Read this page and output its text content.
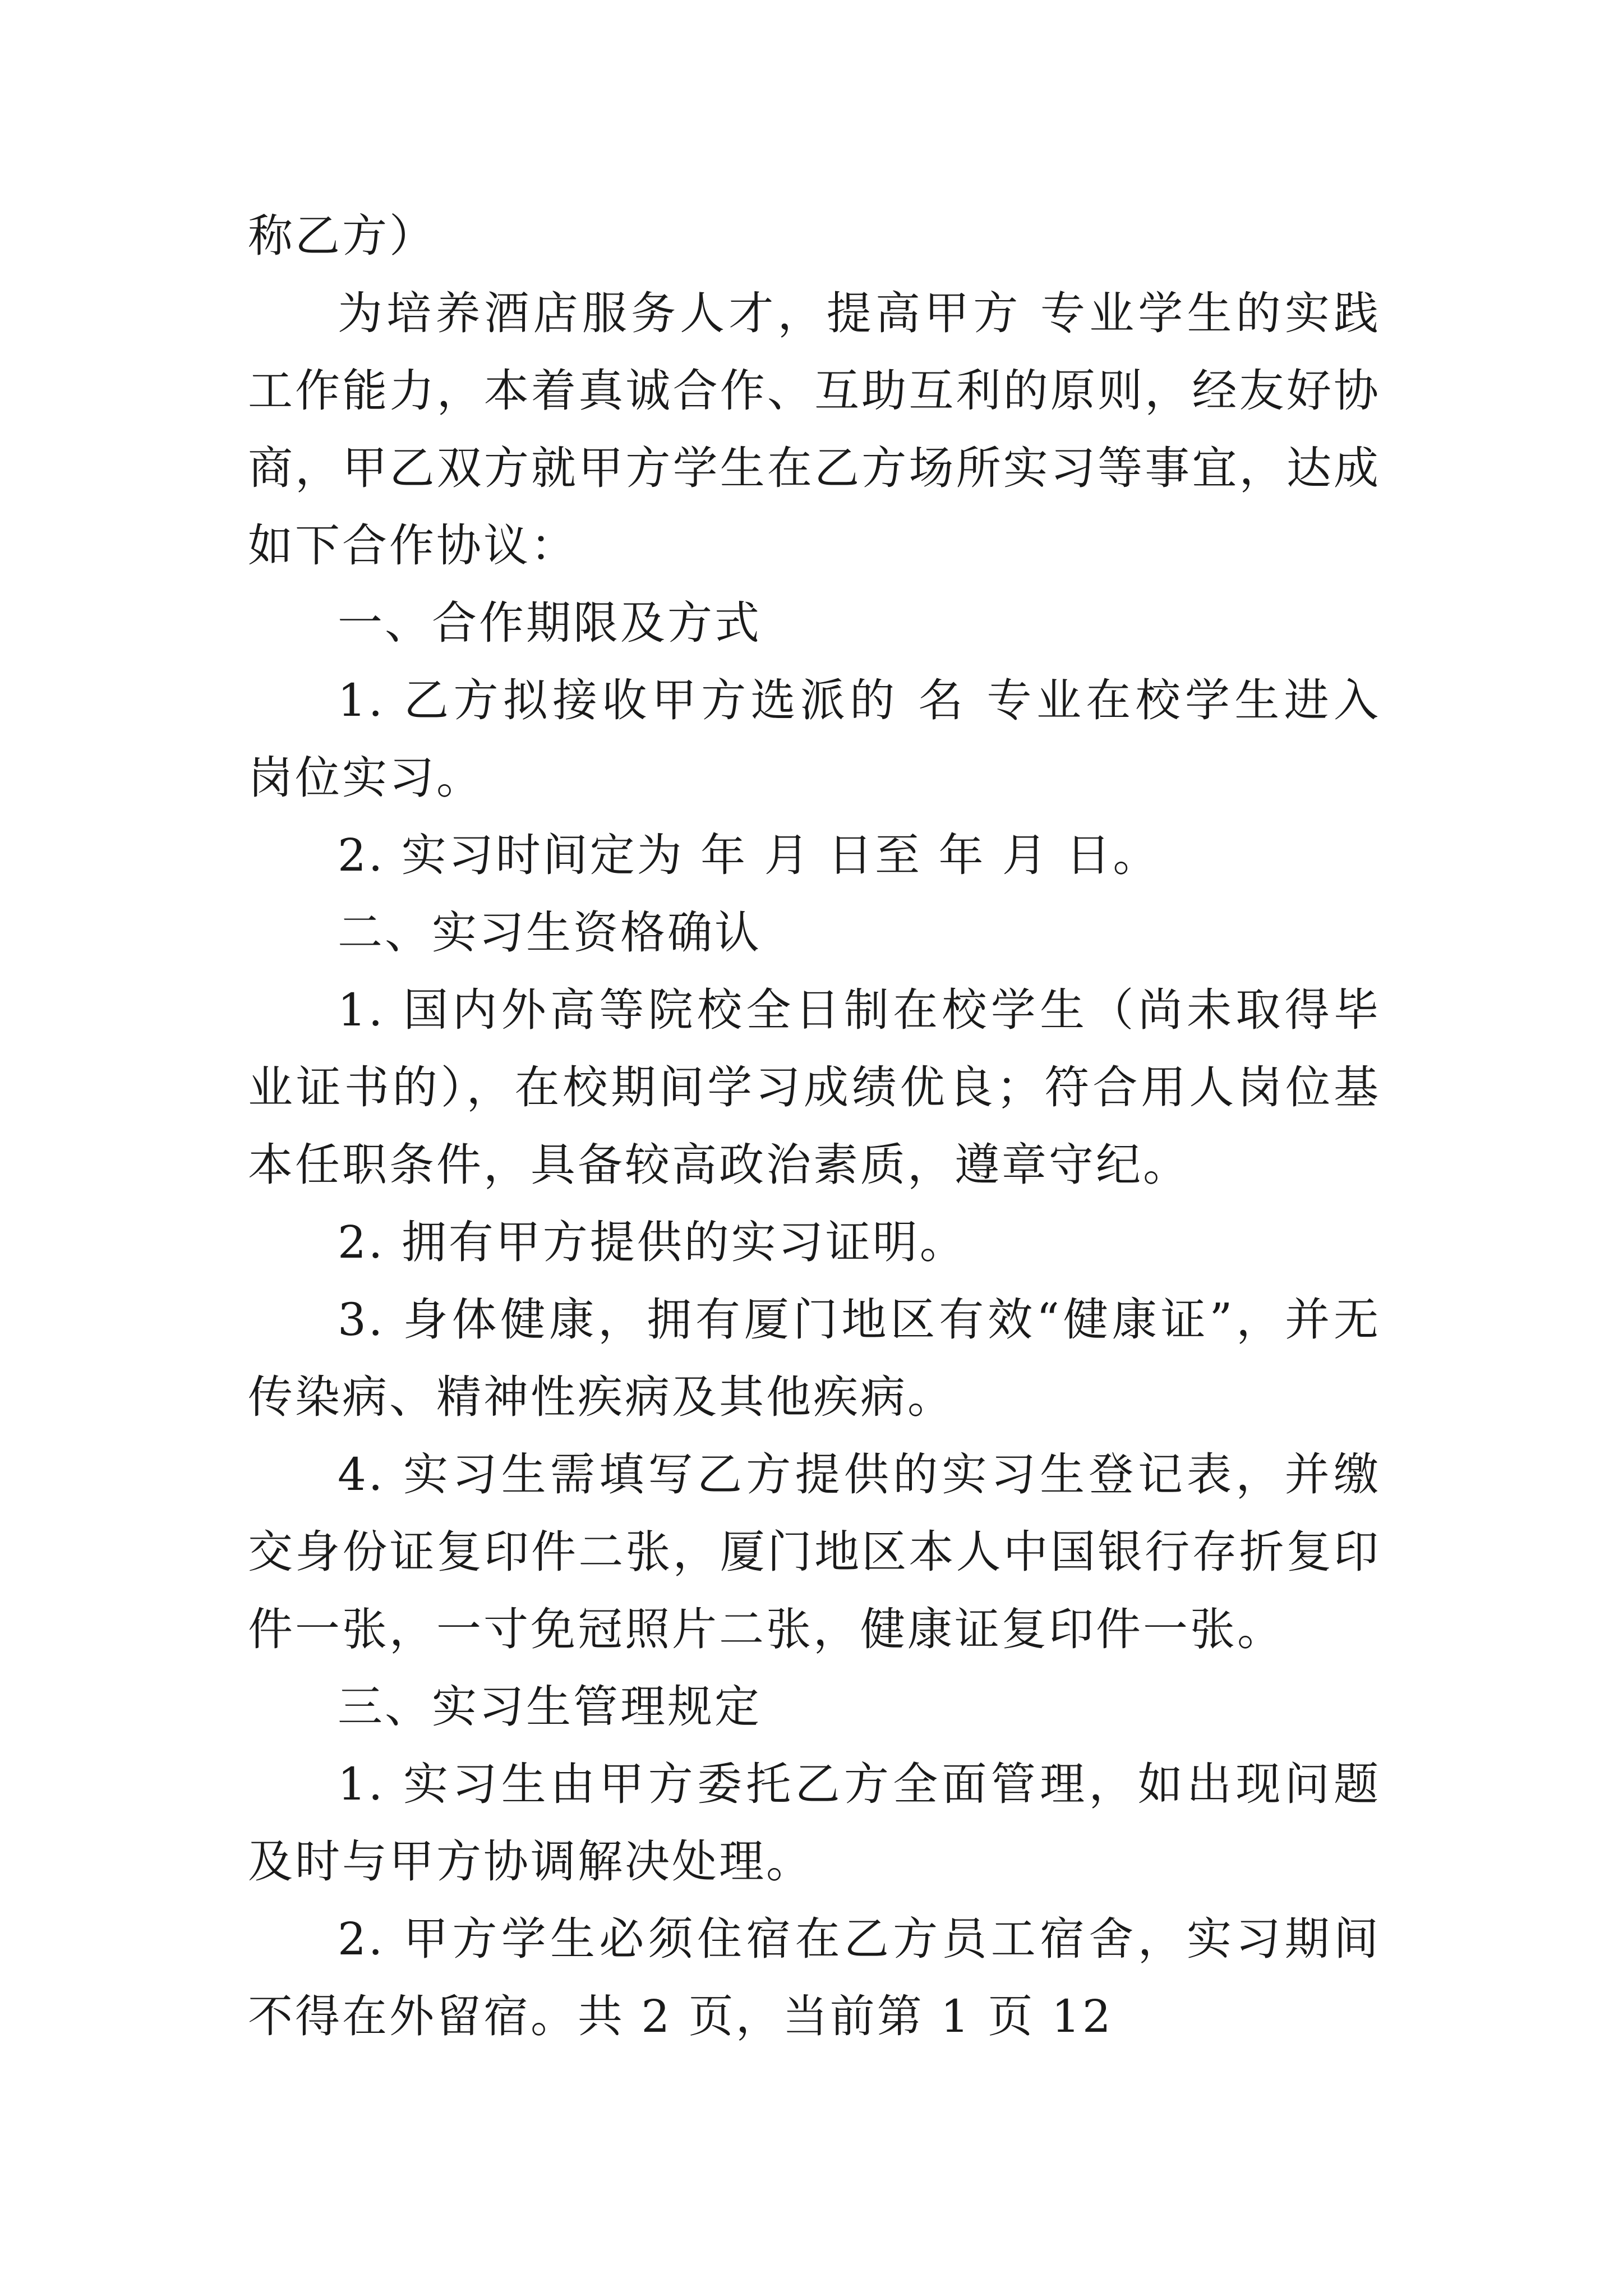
称乙方）

为培养酒店服务人才，提高甲方 专业学生的实践工作能力，本着真诚合作、互助互利的原则，经友好协商，甲乙双方就甲方学生在乙方场所实习等事宜，达成如下合作协议：

一、合作期限及方式

1. 乙方拟接收甲方选派的 名 专业在校学生进入 岗位实习。

2. 实习时间定为 年 月 日至 年 月 日。

二、实习生资格确认

1. 国内外高等院校全日制在校学生（尚未取得毕业证书的），在校期间学习成绩优良；符合用人岗位基本任职条件，具备较高政治素质，遵章守纪。

2. 拥有甲方提供的实习证明。

3. 身体健康，拥有厦门地区有效“健康证”，并无传染病、精神性疾病及其他疾病。

4. 实习生需填写乙方提供的实习生登记表，并缴交身份证复印件二张，厦门地区本人中国银行存折复印件一张，一寸免冠照片二张，健康证复印件一张。

三、实习生管理规定

1. 实习生由甲方委托乙方全面管理，如出现问题及时与甲方协调解决处理。

2. 甲方学生必须住宿在乙方员工宿舍，实习期间不得在外留宿。共 2 页，当前第 1 页 12
